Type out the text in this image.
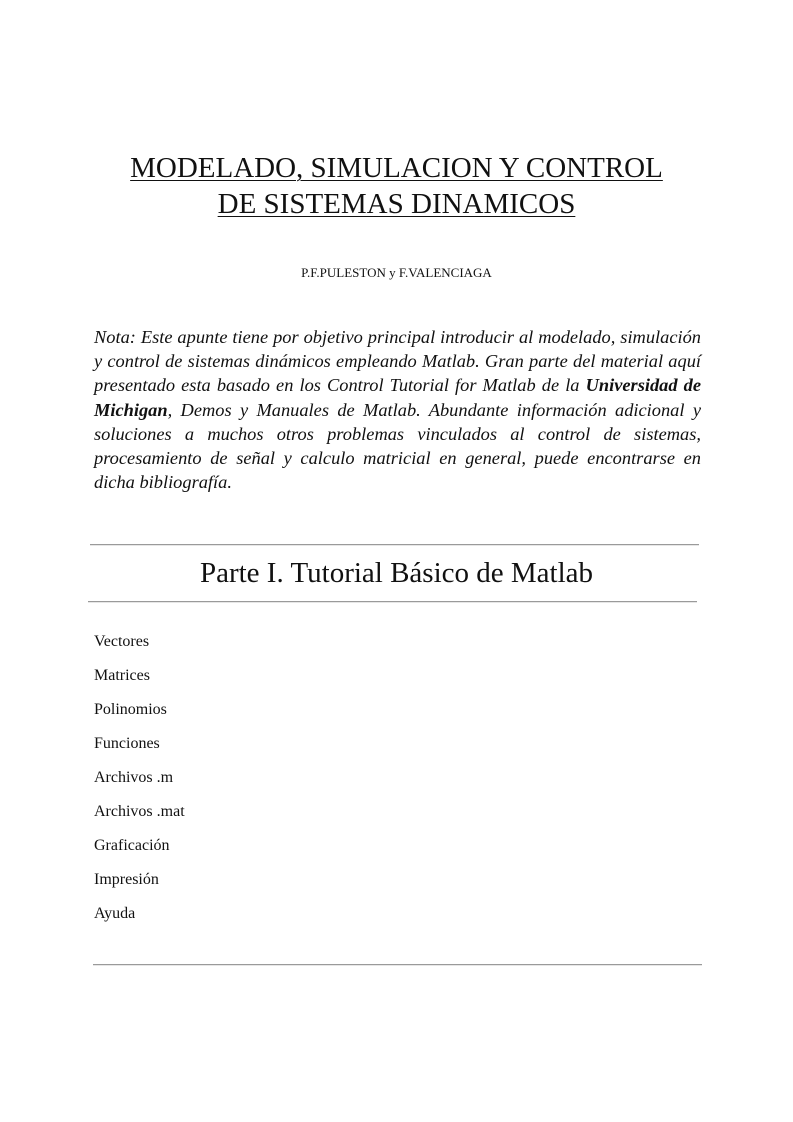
MODELADO, SIMULACION Y CONTROL
DE SISTEMAS DINAMICOS

P.F.PULESTON y F.VALENCIAGA

Nota: Este apunte tiene por objetivo principal introducir al modelado, simulación y control de sistemas dinámicos empleando Matlab. Gran parte del material aquí presentado esta basado en los Control Tutorial for Matlab de la Universidad de Michigan, Demos y Manuales de Matlab. Abundante información adicional y soluciones a muchos otros problemas vinculados al control de sistemas, procesamiento de señal y calculo matricial en general, puede encontrarse en dicha bibliografía.

Parte I. Tutorial Básico de Matlab
Vectores
Matrices
Polinomios
Funciones
Archivos .m
Archivos .mat
Graficación
Impresión
Ayuda
